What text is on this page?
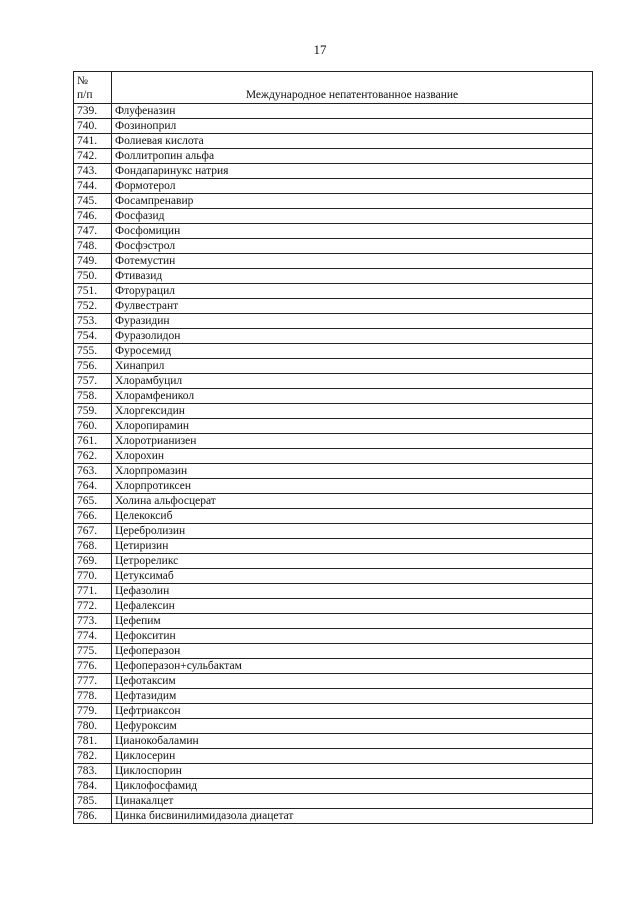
17
№
п/п	Международное непатентованное название
739.	Флуфеназин
740.	Фозиноприл
741.	Фолиевая кислота
742.	Фоллитропин альфа
743.	Фондапаринукс натрия
744.	Формотерол
745.	Фосампренавир
746.	Фосфазид
747.	Фосфомицин
748.	Фосфэстрол
749.	Фотемустин
750.	Фтивазид
751.	Фторурацил
752.	Фулвестрант
753.	Фуразидин
754.	Фуразолидон
755.	Фуросемид
756.	Хинаприл
757.	Хлорамбуцил
758.	Хлорамфеникол
759.	Хлоргексидин
760.	Хлоропирамин
761.	Хлоротрианизен
762.	Хлорохин
763.	Хлорпромазин
764.	Хлорпротиксен
765.	Холина альфосцерат
766.	Целекоксиб
767.	Церебролизин
768.	Цетиризин
769.	Цетрореликс
770.	Цетуксимаб
771.	Цефазолин
772.	Цефалексин
773.	Цефепим
774.	Цефокситин
775.	Цефоперазон
776.	Цефоперазон+сульбактам
777.	Цефотаксим
778.	Цефтазидим
779.	Цефтриаксон
780.	Цефуроксим
781.	Цианокобаламин
782.	Циклосерин
783.	Циклоспорин
784.	Циклофосфамид
785.	Цинакалцет
786.	Цинка бисвинилимидазола диацетат
